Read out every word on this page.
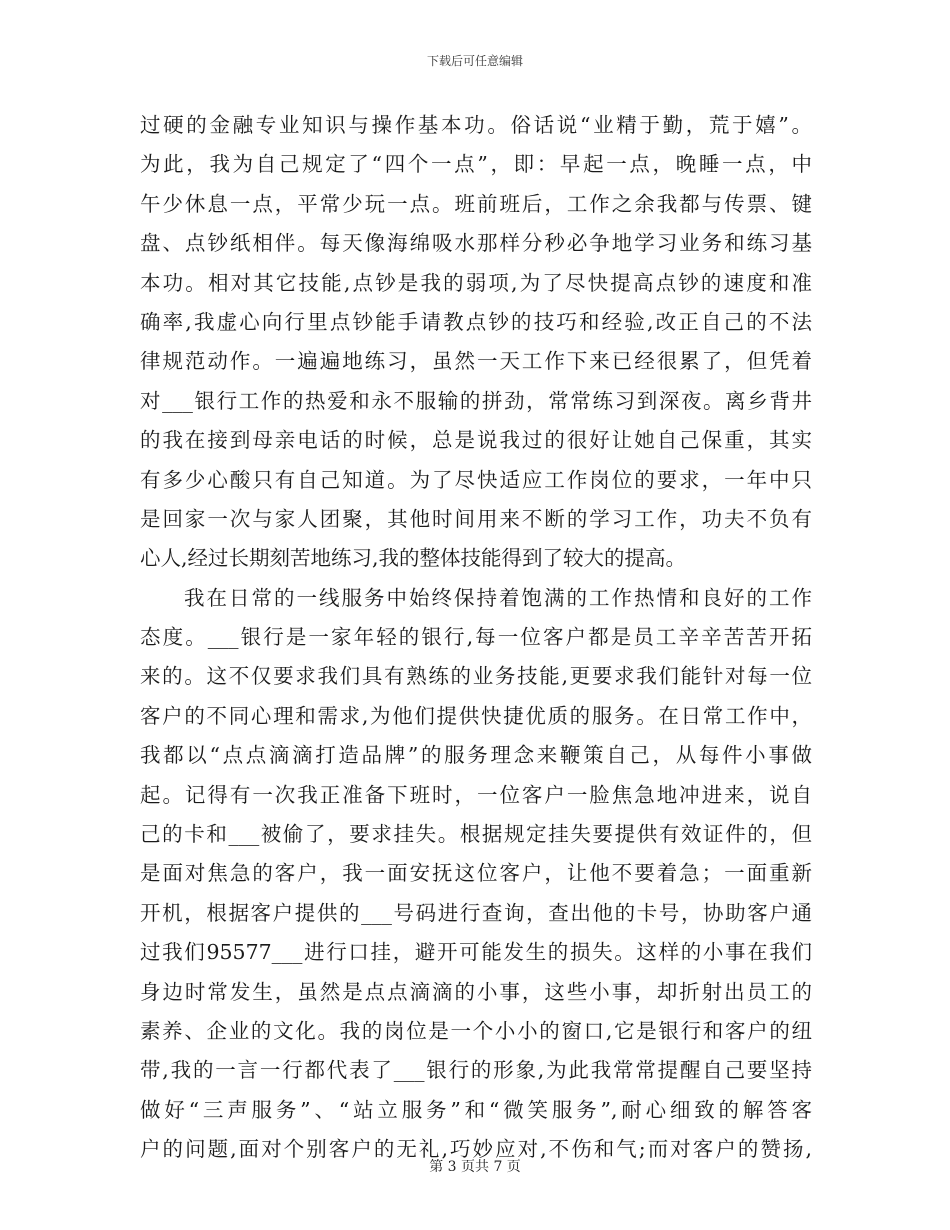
下载后可任意编辑
过硬的金融专业知识与操作基本功。俗话说“业精于勤，荒于嬉”。
为此，我为自己规定了“四个一点”，即：早起一点，晚睡一点，中
午少休息一点，平常少玩一点。班前班后，工作之余我都与传票、键
盘、点钞纸相伴。每天像海绵吸水那样分秒必争地学习业务和练习基
本功。相对其它技能,点钞是我的弱项,为了尽快提高点钞的速度和准
确率,我虚心向行里点钞能手请教点钞的技巧和经验,改正自己的不法
律规范动作。一遍遍地练习，虽然一天工作下来已经很累了，但凭着
对___银行工作的热爱和永不服输的拼劲，常常练习到深夜。离乡背井
的我在接到母亲电话的时候，总是说我过的很好让她自己保重，其实
有多少心酸只有自己知道。为了尽快适应工作岗位的要求，一年中只
是回家一次与家人团聚，其他时间用来不断的学习工作，功夫不负有
心人,经过长期刻苦地练习,我的整体技能得到了较大的提高。
我在日常的一线服务中始终保持着饱满的工作热情和良好的工作
态度。___银行是一家年轻的银行,每一位客户都是员工辛辛苦苦开拓
来的。这不仅要求我们具有熟练的业务技能,更要求我们能针对每一位
客户的不同心理和需求,为他们提供快捷优质的服务。在日常工作中，
我都以“点点滴滴打造品牌”的服务理念来鞭策自己，从每件小事做
起。记得有一次我正准备下班时，一位客户一脸焦急地冲进来，说自
己的卡和___被偷了，要求挂失。根据规定挂失要提供有效证件的，但
是面对焦急的客户，我一面安抚这位客户，让他不要着急；一面重新
开机，根据客户提供的___号码进行查询，查出他的卡号，协助客户通
过我们95577___进行口挂，避开可能发生的损失。这样的小事在我们
身边时常发生，虽然是点点滴滴的小事，这些小事，却折射出员工的
素养、企业的文化。我的岗位是一个小小的窗口,它是银行和客户的纽
带,我的一言一行都代表了___银行的形象,为此我常常提醒自己要坚持
做好“三声服务”、“站立服务”和“微笑服务”,耐心细致的解答客
户的问题,面对个别客户的无礼,巧妙应对,不伤和气;而对客户的赞扬,
第 3 页共 7 页
